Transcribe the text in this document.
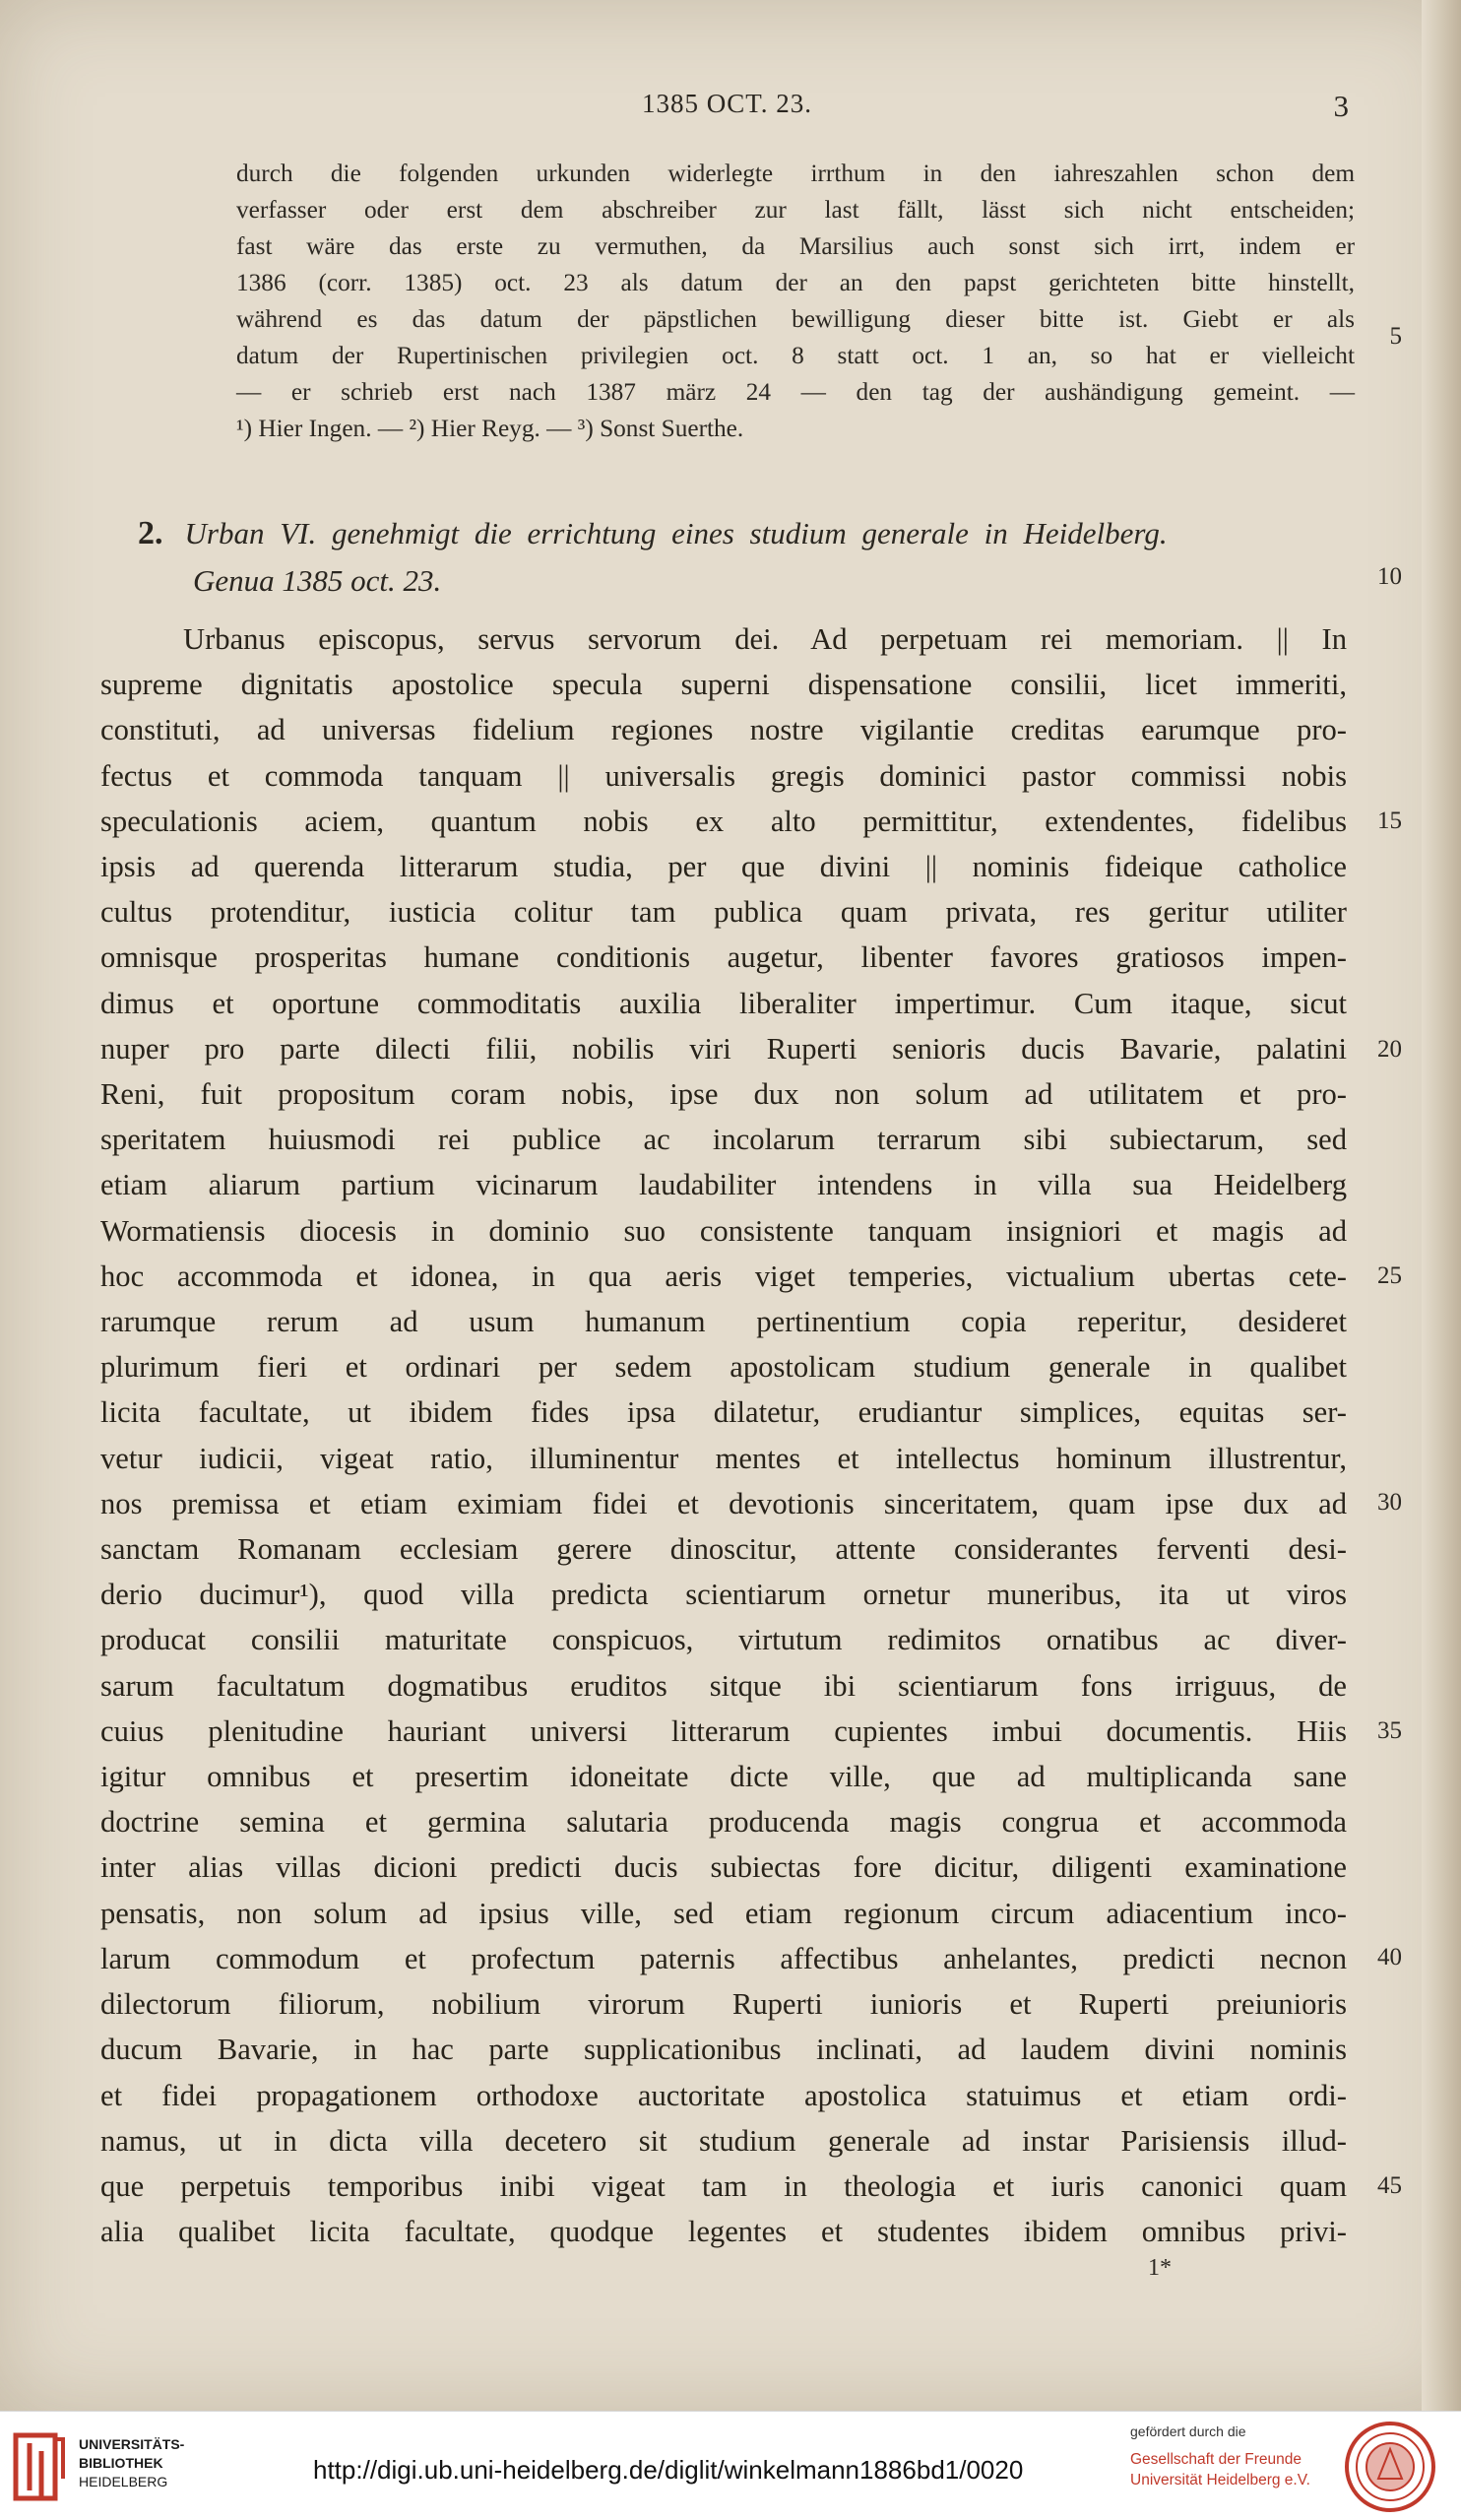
1385 OCT. 23.	3
durch die folgenden urkunden widerlegte irrthum in den iahreszahlen schon dem
verfasser oder erst dem abschreiber zur last fällt, lässt sich nicht entscheiden;
fast wäre das erste zu vermuthen, da Marsilius auch sonst sich irrt, indem er
1386 (corr. 1385) oct. 23 als datum der an den papst gerichteten bitte hinstellt,
während es das datum der päpstlichen bewilligung dieser bitte ist. Giebt er als
datum der Rupertinischen privilegien oct. 8 statt oct. 1 an, so hat er vielleicht
— er schrieb erst nach 1387 märz 24 — den tag der aushändigung gemeint. —
¹) Hier Ingen. — ²) Hier Reyg. — ³) Sonst Suerthe.
2. Urban VI. genehmigt die errichtung eines studium generale in Heidelberg.
Genua 1385 oct. 23.
Urbanus episcopus, servus servorum dei. Ad perpetuam rei memoriam. || In
supreme dignitatis apostolice specula superni dispensatione consilii, licet immeriti,
constituti, ad universas fidelium regiones nostre vigilantie creditas earumque pro-
fectus et commoda tanquam || universalis gregis dominici pastor commissi nobis
speculationis aciem, quantum nobis ex alto permittitur, extendentes, fidelibus
ipsis ad querenda litterarum studia, per que divini || nominis fideique catholice
cultus protenditur, iusticia colitur tam publica quam privata, res geritur utiliter
omnisque prosperitas humane conditionis augetur, libenter favores gratiosos impen-
dimus et oportune commoditatis auxilia liberaliter impertimur. Cum itaque, sicut
nuper pro parte dilecti filii, nobilis viri Ruperti senioris ducis Bavarie, palatini
Reni, fuit propositum coram nobis, ipse dux non solum ad utilitatem et pro-
speritatem huiusmodi rei publice ac incolarum terrarum sibi subiectarum, sed
etiam aliarum partium vicinarum laudabiliter intendens in villa sua Heidelberg
Wormatiensis diocesis in dominio suo consistente tanquam insigniori et magis ad
hoc accommoda et idonea, in qua aeris viget temperies, victualium ubertas cete-
rarumque rerum ad usum humanum pertinentium copia reperitur, desideret
plurimum fieri et ordinari per sedem apostolicam studium generale in qualibet
licita facultate, ut ibidem fides ipsa dilatetur, erudiantur simplices, equitas ser-
vetur iudicii, vigeat ratio, illuminentur mentes et intellectus hominum illustrentur,
nos premissa et etiam eximiam fidei et devotionis sinceritatem, quam ipse dux ad
sanctam Romanam ecclesiam gerere dinoscitur, attente considerantes ferventi desi-
derio ducimur¹), quod villa predicta scientiarum ornetur muneribus, ita ut viros
producat consilii maturitate conspicuos, virtutum redimitos ornatibus ac diver-
sarum facultatum dogmatibus eruditos sitque ibi scientiarum fons irriguus, de
cuius plenitudine hauriant universi litterarum cupientes imbui documentis. Hiis
igitur omnibus et presertim idoneitate dicte ville, que ad multiplicanda sane
doctrine semina et germina salutaria producenda magis congrua et accommoda
inter alias villas dicioni predicti ducis subiectas fore dicitur, diligenti examinatione
pensatis, non solum ad ipsius ville, sed etiam regionum circum adiacentium inco-
larum commodum et profectum paternis affectibus anhelantes, predicti necnon
dilectorum filiorum, nobilium virorum Ruperti iunioris et Ruperti preiunioris
ducum Bavarie, in hac parte supplicationibus inclinati, ad laudem divini nominis
et fidei propagationem orthodoxe auctoritate apostolica statuimus et etiam ordi-
namus, ut in dicta villa decetero sit studium generale ad instar Parisiensis illud-
que perpetuis temporibus inibi vigeat tam in theologia et iuris canonici quam
alia qualibet licita facultate, quodque legentes et studentes ibidem omnibus privi-
5
10
15
20
25
30
35
40
45
1*
UNIVERSITÄTS-
BIBLIOTHEK
HEIDELBERG	http://digi.ub.uni-heidelberg.de/diglit/winkelmann1886bd1/0020
gefördert durch die
Gesellschaft der Freunde
Universität Heidelberg e.V.
